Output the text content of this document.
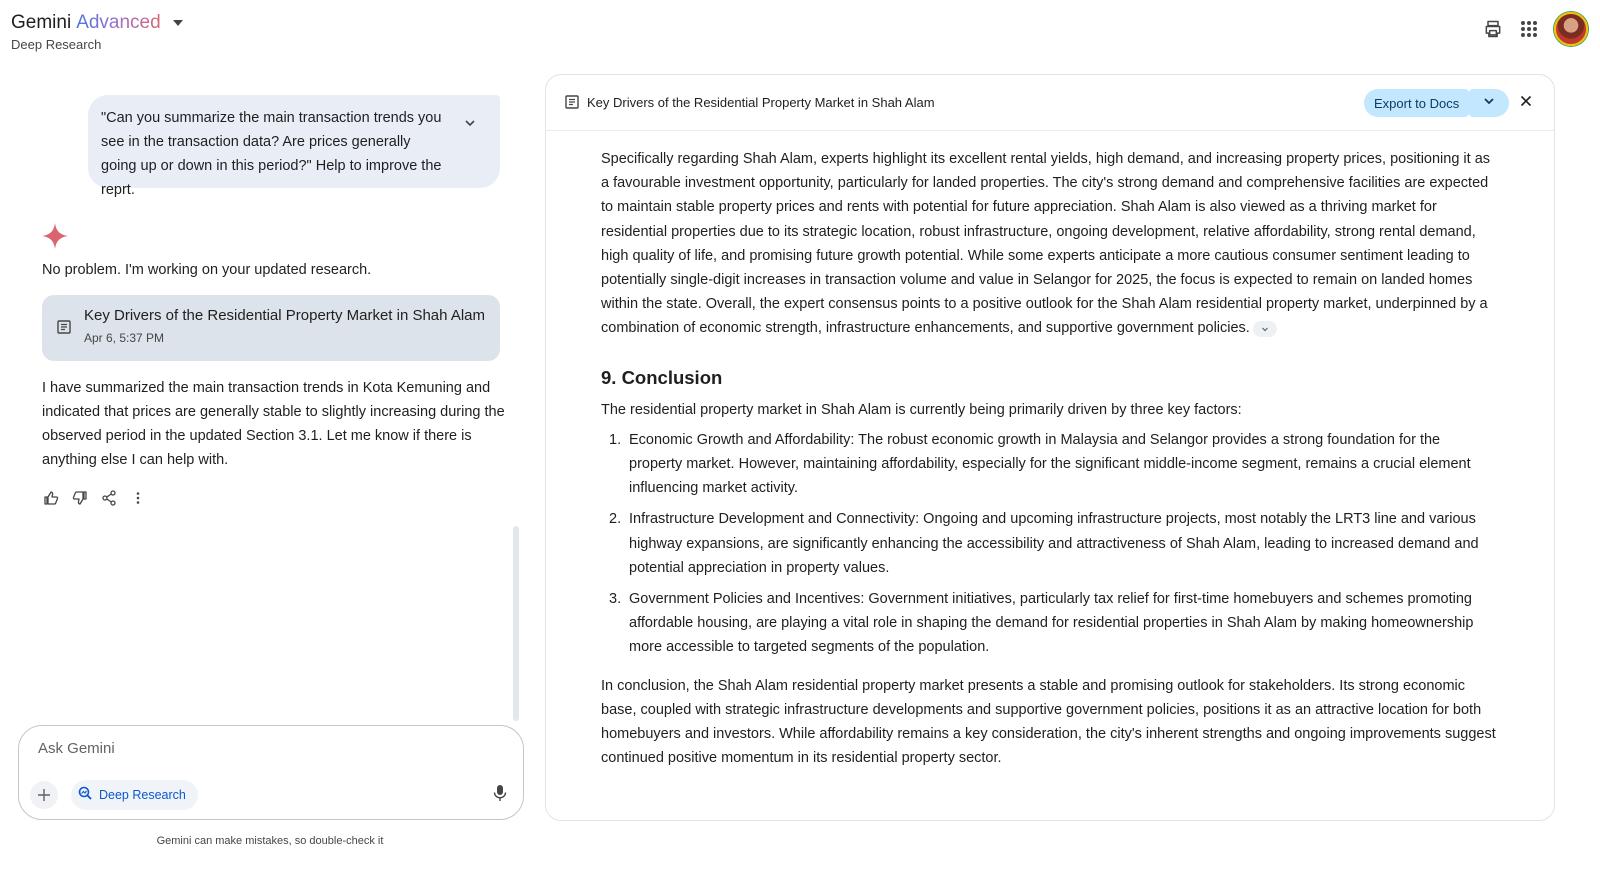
Gemini Advanced
Deep Research
"Can you summarize the main transaction trends you see in the transaction data? Are prices generally going up or down in this period?" Help to improve the reprt.
No problem. I'm working on your updated research.
Key Drivers of the Residential Property Market in Shah Alam
Apr 6, 5:37 PM
I have summarized the main transaction trends in Kota Kemuning and indicated that prices are generally stable to slightly increasing during the observed period in the updated Section 3.1. Let me know if there is anything else I can help with.
Ask Gemini
Deep Research
Gemini can make mistakes, so double-check it
Key Drivers of the Residential Property Market in Shah Alam	Export to Docs

Specifically regarding Shah Alam, experts highlight its excellent rental yields, high demand, and increasing property prices, positioning it as a favourable investment opportunity, particularly for landed properties. The city's strong demand and comprehensive facilities are expected to maintain stable property prices and rents with potential for future appreciation. Shah Alam is also viewed as a thriving market for residential properties due to its strategic location, robust infrastructure, ongoing development, relative affordability, strong rental demand, high quality of life, and promising future growth potential. While some experts anticipate a more cautious consumer sentiment leading to potentially single-digit increases in transaction volume and value in Selangor for 2025, the focus is expected to remain on landed homes within the state. Overall, the expert consensus points to a positive outlook for the Shah Alam residential property market, underpinned by a combination of economic strength, infrastructure enhancements, and supportive government policies.

9. Conclusion

The residential property market in Shah Alam is currently being primarily driven by three key factors:

1. Economic Growth and Affordability: The robust economic growth in Malaysia and Selangor provides a strong foundation for the property market. However, maintaining affordability, especially for the significant middle-income segment, remains a crucial element influencing market activity.
2. Infrastructure Development and Connectivity: Ongoing and upcoming infrastructure projects, most notably the LRT3 line and various highway expansions, are significantly enhancing the accessibility and attractiveness of Shah Alam, leading to increased demand and potential appreciation in property values.
3. Government Policies and Incentives: Government initiatives, particularly tax relief for first-time homebuyers and schemes promoting affordable housing, are playing a vital role in shaping the demand for residential properties in Shah Alam by making homeownership more accessible to targeted segments of the population.

In conclusion, the Shah Alam residential property market presents a stable and promising outlook for stakeholders. Its strong economic base, coupled with strategic infrastructure developments and supportive government policies, positions it as an attractive location for both homebuyers and investors. While affordability remains a key consideration, the city's inherent strengths and ongoing improvements suggest continued positive momentum in its residential property sector.
